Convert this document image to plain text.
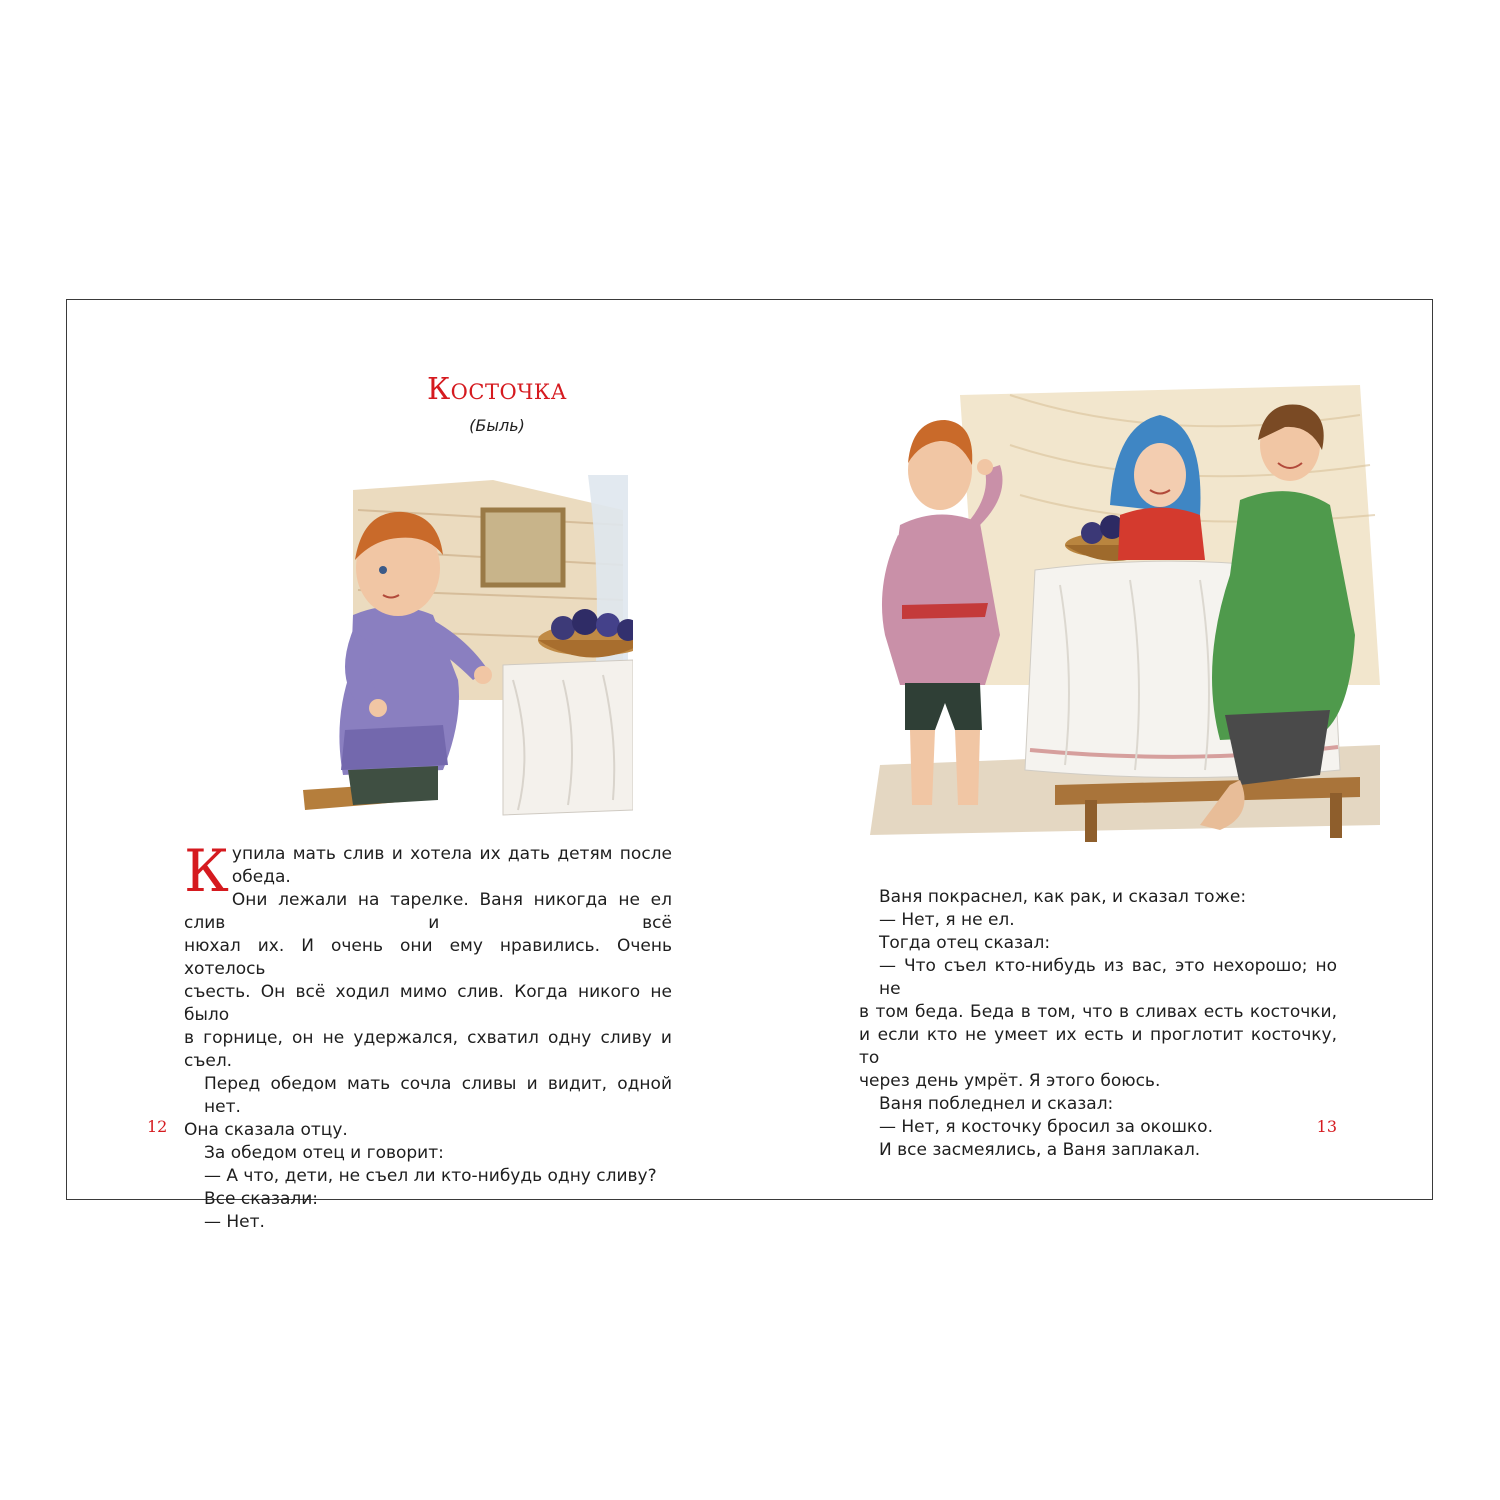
Косточка
(Быль)
К упила мать слив и хотела их дать детям после обеда.

Они лежали на тарелке. Ваня никогда не ел слив и всё

нюхал их. И очень они ему нравились. Очень хотелось

съесть. Он всё ходил мимо слив. Когда никого не было

в горнице, он не удержался, схватил одну сливу и съел.

Перед обедом мать сочла сливы и видит, одной нет.

Она сказала отцу.

За обедом отец и говорит:

— А что, дети, не съел ли кто-нибудь одну сливу?

Все сказали:

— Нет.

12

Ваня покраснел, как рак, и сказал тоже:

— Нет, я не ел.

Тогда отец сказал:

— Что съел кто-нибудь из вас, это нехорошо; но не

в том беда. Беда в том, что в сливах есть косточки,

и если кто не умеет их есть и проглотит косточку, то

через день умрёт. Я этого боюсь.

Ваня побледнел и сказал:

— Нет, я косточку бросил за окошко.

И все засмеялись, а Ваня заплакал.

13
